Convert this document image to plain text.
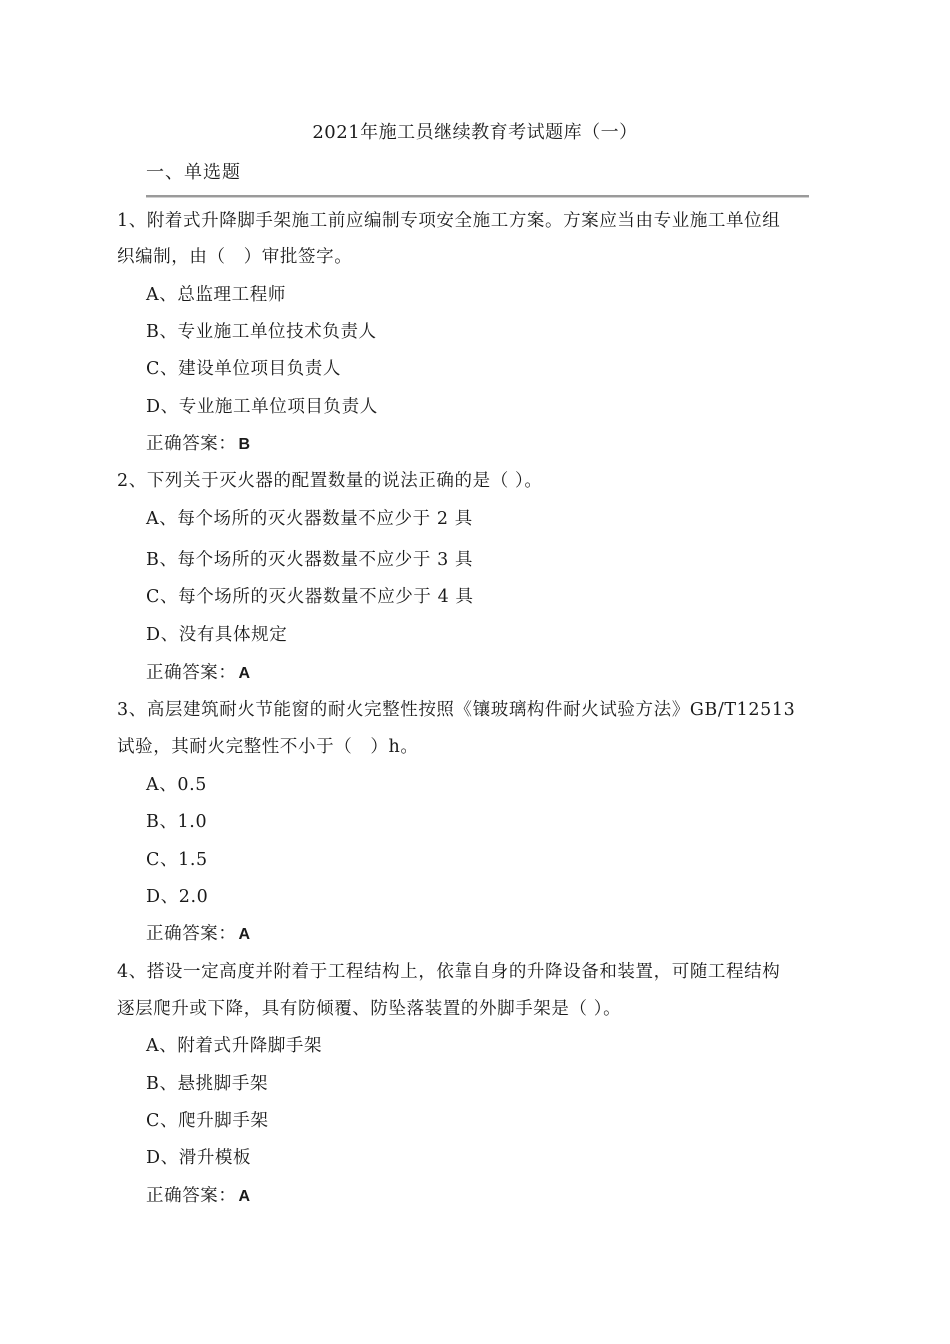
2021年施工员继续教育考试题库（一）
一、单选题
1、附着式升降脚手架施工前应编制专项安全施工方案。方案应当由专业施工单位组
织编制，由（　）审批签字。
A、总监理工程师
B、专业施工单位技术负责人
C、建设单位项目负责人
D、专业施工单位项目负责人
正确答案： B
2、下列关于灭火器的配置数量的说法正确的是（ ）。
A、每个场所的灭火器数量不应少于 2 具
B、每个场所的灭火器数量不应少于 3 具
C、每个场所的灭火器数量不应少于 4 具
D、没有具体规定
正确答案： A
3、高层建筑耐火节能窗的耐火完整性按照《镶玻璃构件耐火试验方法》GB/T12513
试验，其耐火完整性不小于（　）h。
A、0.5
B、1.0
C、1.5
D、2.0
正确答案： A
4、搭设一定高度并附着于工程结构上，依靠自身的升降设备和装置，可随工程结构
逐层爬升或下降，具有防倾覆、防坠落装置的外脚手架是（ ）。
A、附着式升降脚手架
B、悬挑脚手架
C、爬升脚手架
D、滑升模板
正确答案： A
